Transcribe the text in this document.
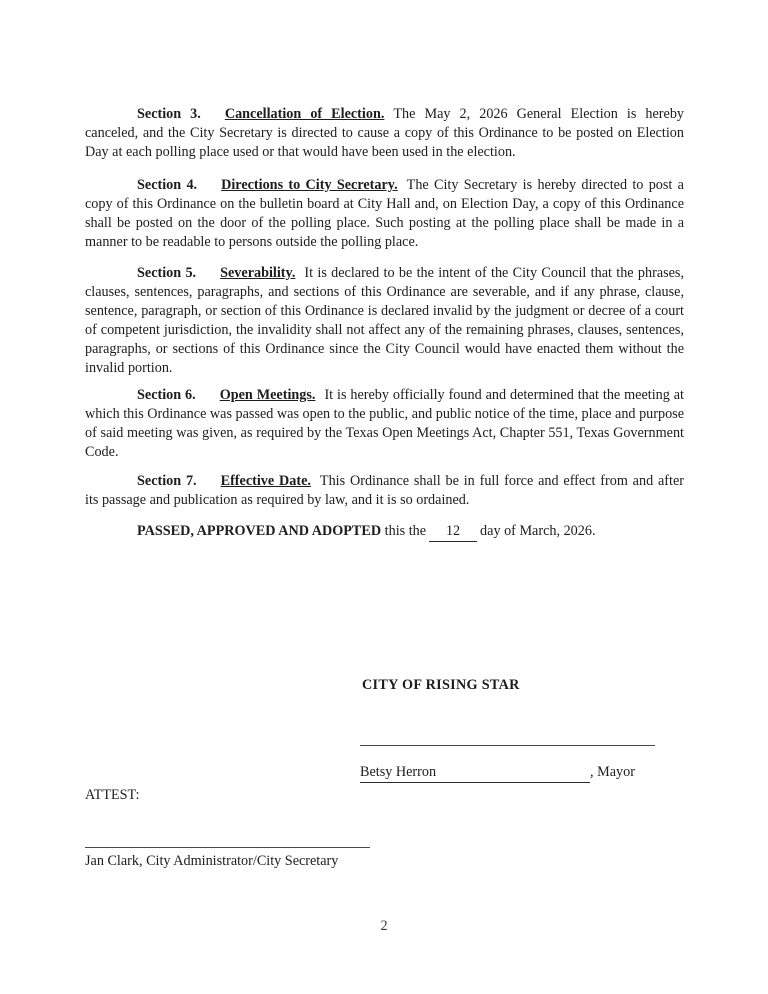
Section 3. Cancellation of Election. The May 2, 2026 General Election is hereby canceled, and the City Secretary is directed to cause a copy of this Ordinance to be posted on Election Day at each polling place used or that would have been used in the election.

Section 4. Directions to City Secretary. The City Secretary is hereby directed to post a copy of this Ordinance on the bulletin board at City Hall and, on Election Day, a copy of this Ordinance shall be posted on the door of the polling place. Such posting at the polling place shall be made in a manner to be readable to persons outside the polling place.

Section 5. Severability. It is declared to be the intent of the City Council that the phrases, clauses, sentences, paragraphs, and sections of this Ordinance are severable, and if any phrase, clause, sentence, paragraph, or section of this Ordinance is declared invalid by the judgment or decree of a court of competent jurisdiction, the invalidity shall not affect any of the remaining phrases, clauses, sentences, paragraphs, or sections of this Ordinance since the City Council would have enacted them without the invalid portion.

Section 6. Open Meetings. It is hereby officially found and determined that the meeting at which this Ordinance was passed was open to the public, and public notice of the time, place and purpose of said meeting was given, as required by the Texas Open Meetings Act, Chapter 551, Texas Government Code.

Section 7. Effective Date. This Ordinance shall be in full force and effect from and after its passage and publication as required by law, and it is so ordained.

PASSED, APPROVED AND ADOPTED this the 12 day of March, 2026.

CITY OF RISING STAR
Betsy Herron	, Mayor
ATTEST:
Jan Clark, City Administrator/City Secretary
2
